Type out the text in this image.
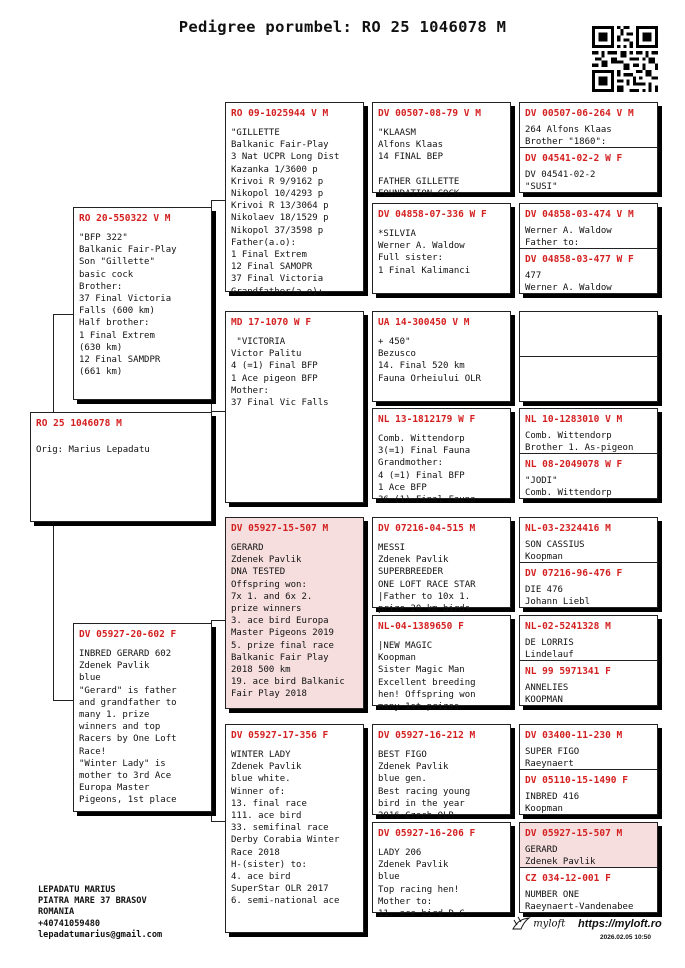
Pedigree porumbel: RO 25 1046078 M
RO 25 1046078 M
Orig: Marius Lepadatu
RO 20-550322 V M
"BFP 322"
Balkanic Fair-Play
Son "Gillette"
basic cock
Brother:
37 Final Victoria
Falls (600 km)
Half brother:
1 Final Extrem
(630 km)
12 Final SAMDPR
(661 km)
DV 05927-20-602 F
INBRED GERARD 602
Zdenek Pavlik
blue
"Gerard" is father
and grandfather to
many 1. prize
winners and top
Racers by One Loft
Race!
"Winter Lady" is
mother to 3rd Ace
Europa Master
Pigeons, 1st place
RO 09-1025944 V M
"GILLETTE
Balkanic Fair-Play
3 Nat UCPR Long Dist
Kazanka 1/3600 p
Krivoi R 9/9162 p
Nikopol 10/4293 p
Krivoi R 13/3064 p
Nikolaev 18/1529 p
Nikopol 37/3598 p
Father(a.o):
1 Final Extrem
12 Final SAMOPR
37 Final Victoria
Grandfather(a.o):
MD 17-1070 W F
"VICTORIA
Victor Palitu
4 (=1) Final BFP
1 Ace pigeon BFP
Mother:
37 Final Vic Falls
DV 05927-15-507 M
GERARD
Zdenek Pavlik
DNA TESTED
Offspring won:
7x 1. and 6x 2.
prize winners
3. ace bird Europa
Master Pigeons 2019
5. prize final race
Balkanic Fair Play
2018 500 km
19. ace bird Balkanic
Fair Play 2018
DV 05927-17-356 F
WINTER LADY
Zdenek Pavlik
blue white.
Winner of:
13. final race
111. ace bird
33. semifinal race
Derby Corabia Winter
Race 2018
H-(sister) to:
4. ace bird
SuperStar OLR 2017
6. semi-national ace
DV 00507-08-79 V M
"KLAASM
Alfons Klaas
14 FINAL BEP

FATHER GILLETTE
FOUNDATION COCK
DV 04858-07-336 W F
*SILVIA
Werner A. Waldow
Full sister:
1 Final Kalimanci
UA 14-300450 V M
+ 450"
Bezusco
14. Final 520 km
Fauna Orheiului OLR
NL 13-1812179 W F
Comb. Wittendorp
3(=1) Final Fauna
Grandmother:
4 (=1) Final BFP
1 Ace BFP
36 (1) Final Fauna
DV 07216-04-515 M
MESSI
Zdenek Pavlik
SUPERBREEDER
ONE LOFT RACE STAR
|Father to 10x 1.
prize 20 km birds
NL-04-1389650 F
|NEW MAGIC
Koopman
Sister Magic Man
Excellent breeding
hen! Offspring won
many 1st prizes
DV 05927-16-212 M
BEST FIGO
Zdenek Pavlik
blue gen.
Best racing young
bird in the year
2016 Czech OLR
DV 05927-16-206 F
LADY 206
Zdenek Pavlik
blue
Top racing hen!
Mother to:
11. ace bird D.C.
DV 00507-06-264 V M
264 Alfons Klaas
Brother "1860":
DV 04541-02-2 W F
DV 04541-02-2
"SUSI"
DV 04858-03-474 V M
Werner A. Waldow
Father to:
DV 04858-03-477 W F
477
Werner A. Waldow
NL 10-1283010 V M
Comb. Wittendorp
Brother 1. As-pigeon
NL 08-2049078 W F
"JODI"
Comb. Wittendorp
NL-03-2324416 M
SON CASSIUS
Koopman
DV 07216-96-476 F
DIE 476
Johann Liebl
NL-02-5241328 M
DE LORRIS
Lindelauf
NL 99 5971341 F
ANNELIES
KOOPMAN
DV 03400-11-230 M
SUPER FIGO
Raeynaert
DV 05110-15-1490 F
INBRED 416
Koopman
DV 05927-15-507 M
GERARD
Zdenek Pavlik
CZ 034-12-001 F
NUMBER ONE
Raeynaert-Vandenabee
LEPADATU MARIUS
PIATRA MARE 37 BRASOV
ROMANIA
+40741059480
lepadatumarius@gmail.com
myloft https://myloft.ro
2026.02.05 10:50
